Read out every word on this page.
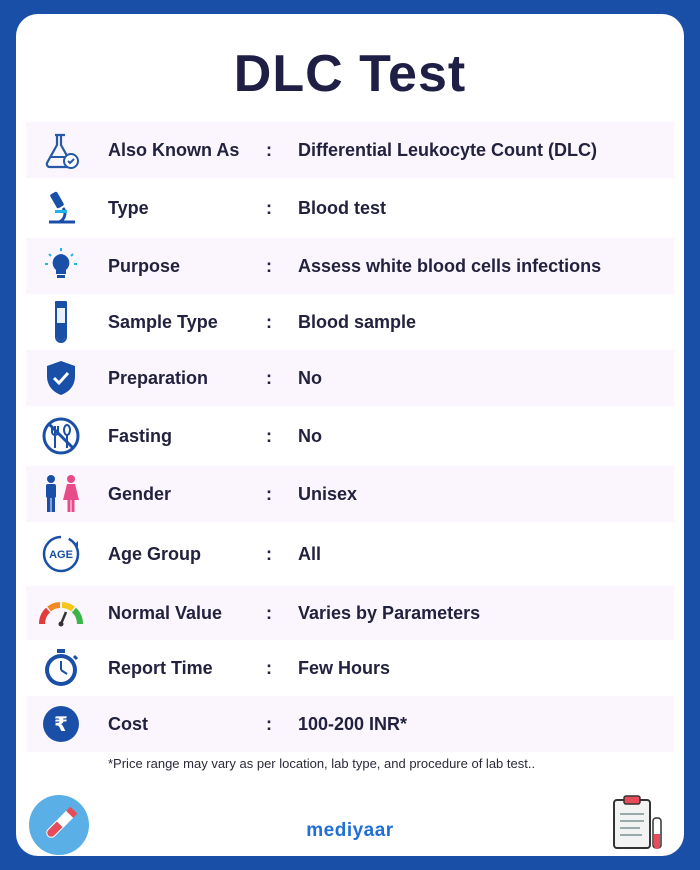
DLC Test
Also Known As	:	Differential Leukocyte Count (DLC)
Type	:	Blood test
Purpose	:	Assess white blood cells infections
Sample Type	:	Blood sample
Preparation	:	No
Fasting	:	No
Gender	:	Unisex
AGE	Age Group	:	All
Normal Value	:	Varies by Parameters
Report Time	:	Few Hours
₹	Cost	:	100-200 INR*
*Price range may vary as per location, lab type, and procedure of lab test..
mediyaar
